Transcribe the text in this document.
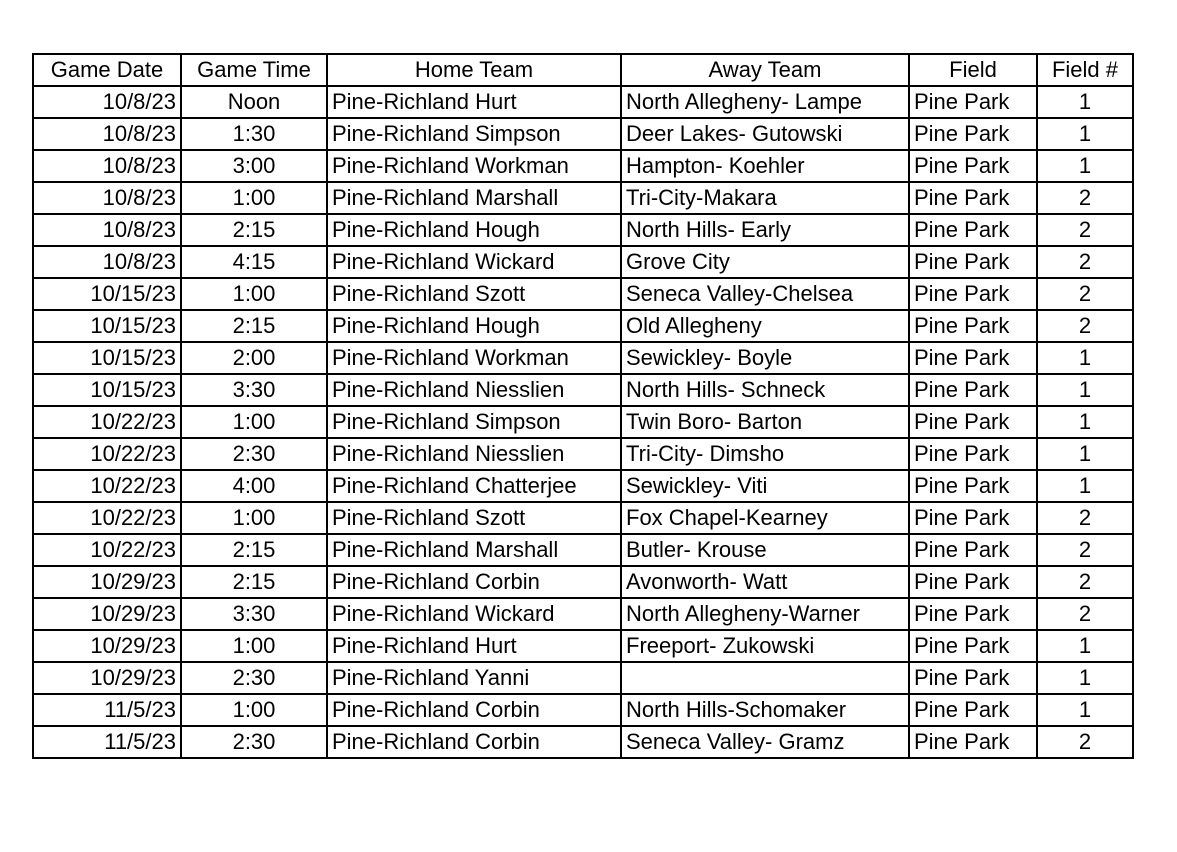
Game Date	Game Time	Home Team	Away Team	Field	Field #
10/8/23	Noon	Pine-Richland Hurt	North Allegheny- Lampe	Pine Park	1
10/8/23	1:30	Pine-Richland Simpson	Deer Lakes- Gutowski	Pine Park	1
10/8/23	3:00	Pine-Richland Workman	Hampton- Koehler	Pine Park	1
10/8/23	1:00	Pine-Richland Marshall	Tri-City-Makara	Pine Park	2
10/8/23	2:15	Pine-Richland Hough	North Hills- Early	Pine Park	2
10/8/23	4:15	Pine-Richland Wickard	Grove City	Pine Park	2
10/15/23	1:00	Pine-Richland Szott	Seneca Valley-Chelsea	Pine Park	2
10/15/23	2:15	Pine-Richland Hough	Old Allegheny	Pine Park	2
10/15/23	2:00	Pine-Richland Workman	Sewickley- Boyle	Pine Park	1
10/15/23	3:30	Pine-Richland Niesslien	North Hills- Schneck	Pine Park	1
10/22/23	1:00	Pine-Richland Simpson	Twin Boro- Barton	Pine Park	1
10/22/23	2:30	Pine-Richland Niesslien	Tri-City- Dimsho	Pine Park	1
10/22/23	4:00	Pine-Richland Chatterjee	Sewickley- Viti	Pine Park	1
10/22/23	1:00	Pine-Richland Szott	Fox Chapel-Kearney	Pine Park	2
10/22/23	2:15	Pine-Richland Marshall	Butler- Krouse	Pine Park	2
10/29/23	2:15	Pine-Richland Corbin	Avonworth- Watt	Pine Park	2
10/29/23	3:30	Pine-Richland Wickard	North Allegheny-Warner	Pine Park	2
10/29/23	1:00	Pine-Richland Hurt	Freeport- Zukowski	Pine Park	1
10/29/23	2:30	Pine-Richland Yanni		Pine Park	1
11/5/23	1:00	Pine-Richland Corbin	North Hills-Schomaker	Pine Park	1
11/5/23	2:30	Pine-Richland Corbin	Seneca Valley- Gramz	Pine Park	2
